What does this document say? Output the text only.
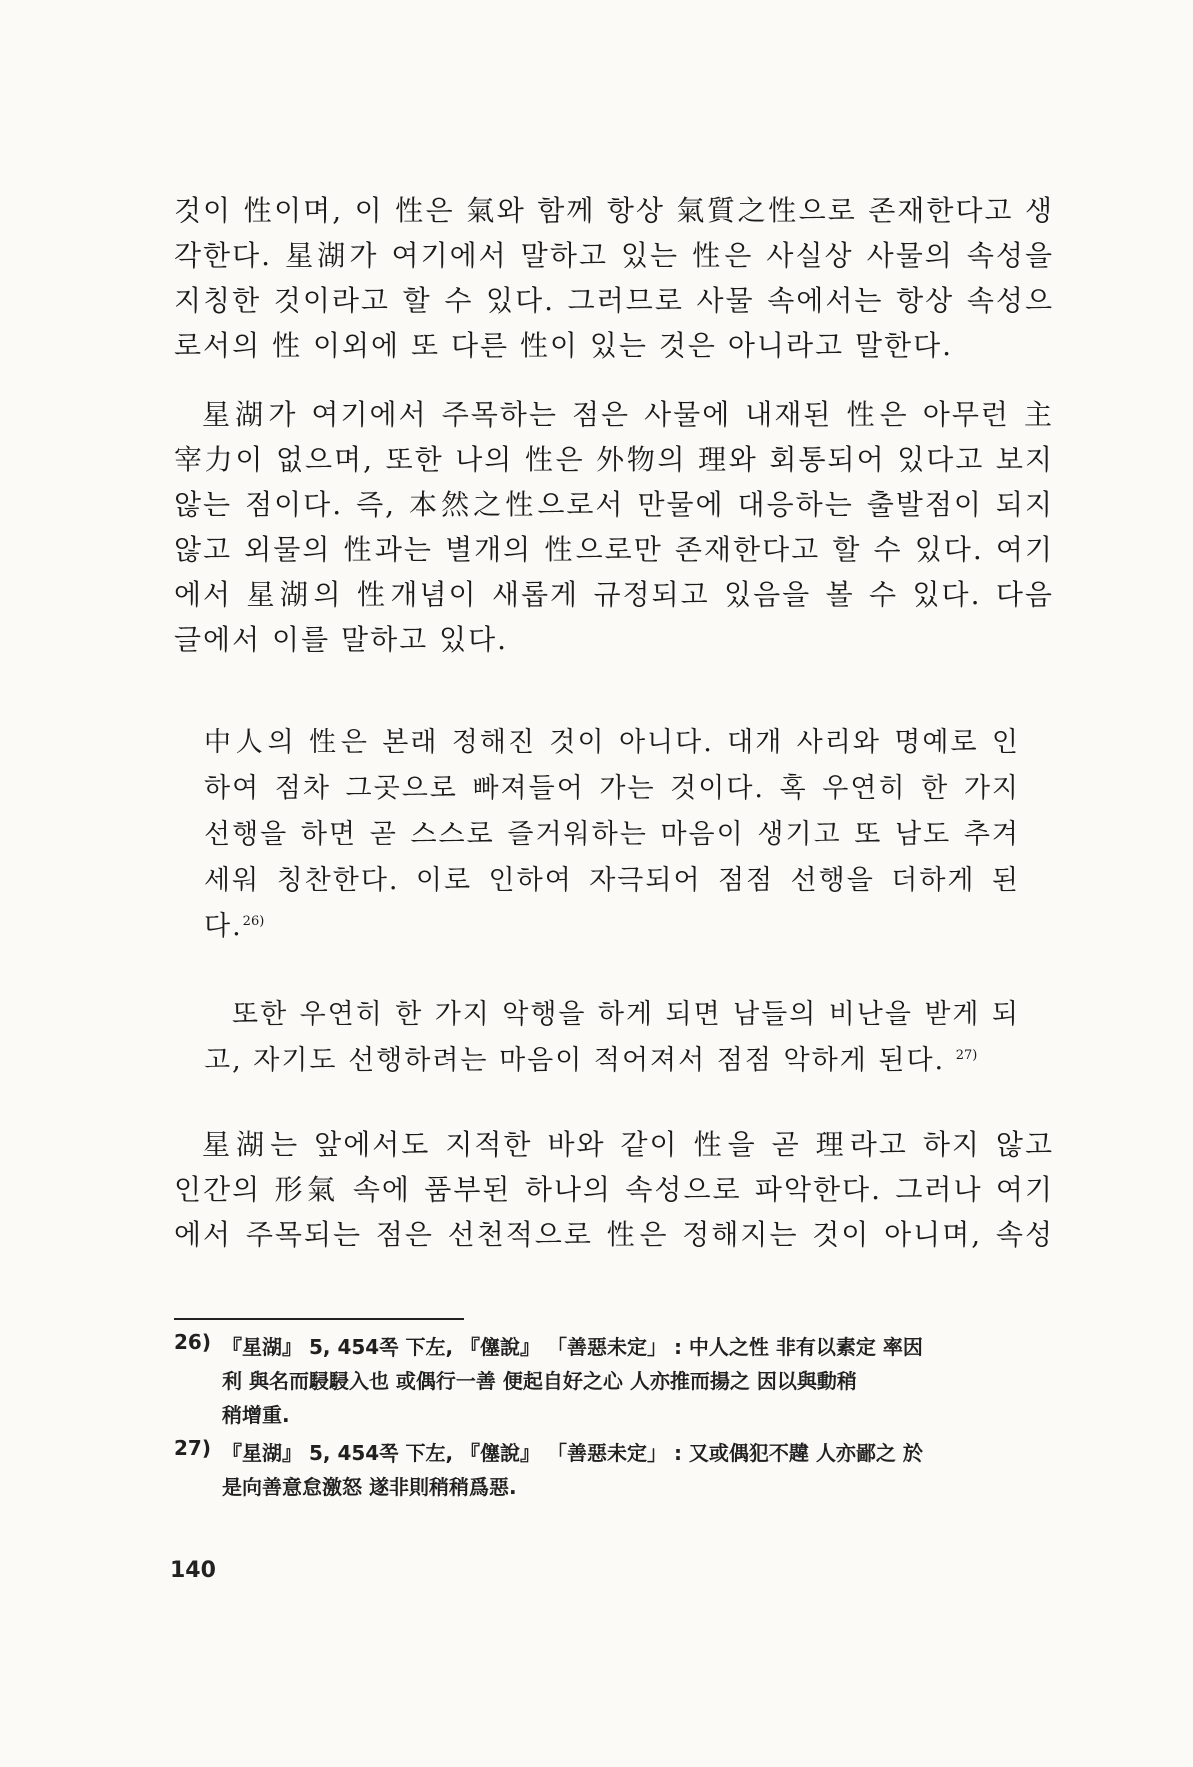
것이 性이며, 이 性은 氣와 함께 항상 氣質之性으로 존재한다고 생
각한다. 星湖가 여기에서 말하고 있는 性은 사실상 사물의 속성을
지칭한 것이라고 할 수 있다. 그러므로 사물 속에서는 항상 속성으
로서의 性 이외에 또 다른 性이 있는 것은 아니라고 말한다.
星湖가 여기에서 주목하는 점은 사물에 내재된 性은 아무런 主
宰力이 없으며, 또한 나의 性은 外物의 理와 회통되어 있다고 보지
않는 점이다. 즉, 本然之性으로서 만물에 대응하는 출발점이 되지
않고 외물의 性과는 별개의 性으로만 존재한다고 할 수 있다. 여기
에서 星湖의 性개념이 새롭게 규정되고 있음을 볼 수 있다. 다음
글에서 이를 말하고 있다.
中人의 性은 본래 정해진 것이 아니다. 대개 사리와 명예로 인
하여 점차 그곳으로 빠져들어 가는 것이다. 혹 우연히 한 가지
선행을 하면 곧 스스로 즐거워하는 마음이 생기고 또 남도 추겨
세워 칭찬한다. 이로 인하여 자극되어 점점 선행을 더하게 된
다.$^{26)}$
또한 우연히 한 가지 악행을 하게 되면 남들의 비난을 받게 되
고, 자기도 선행하려는 마음이 적어져서 점점 악하게 된다. $^{27)}$
星湖는 앞에서도 지적한 바와 같이 性을 곧 理라고 하지 않고
인간의 形氣 속에 품부된 하나의 속성으로 파악한다. 그러나 여기
에서 주목되는 점은 선천적으로 性은 정해지는 것이 아니며, 속성
26) 『星湖』 5, 454쪽 下左, 『僿說』 「善惡未定」 : 中人之性 非有以素定 率因
利 與名而駸駸入也 或偶行一善 便起自好之心 人亦推而揚之 因以與動稍
稍增重.
27) 『星湖』 5, 454쪽 下左, 『僿說』 「善惡未定」 : 又或偶犯不韙 人亦鄙之 於
是向善意怠激怒 遂非則稍稍爲惡.
140
